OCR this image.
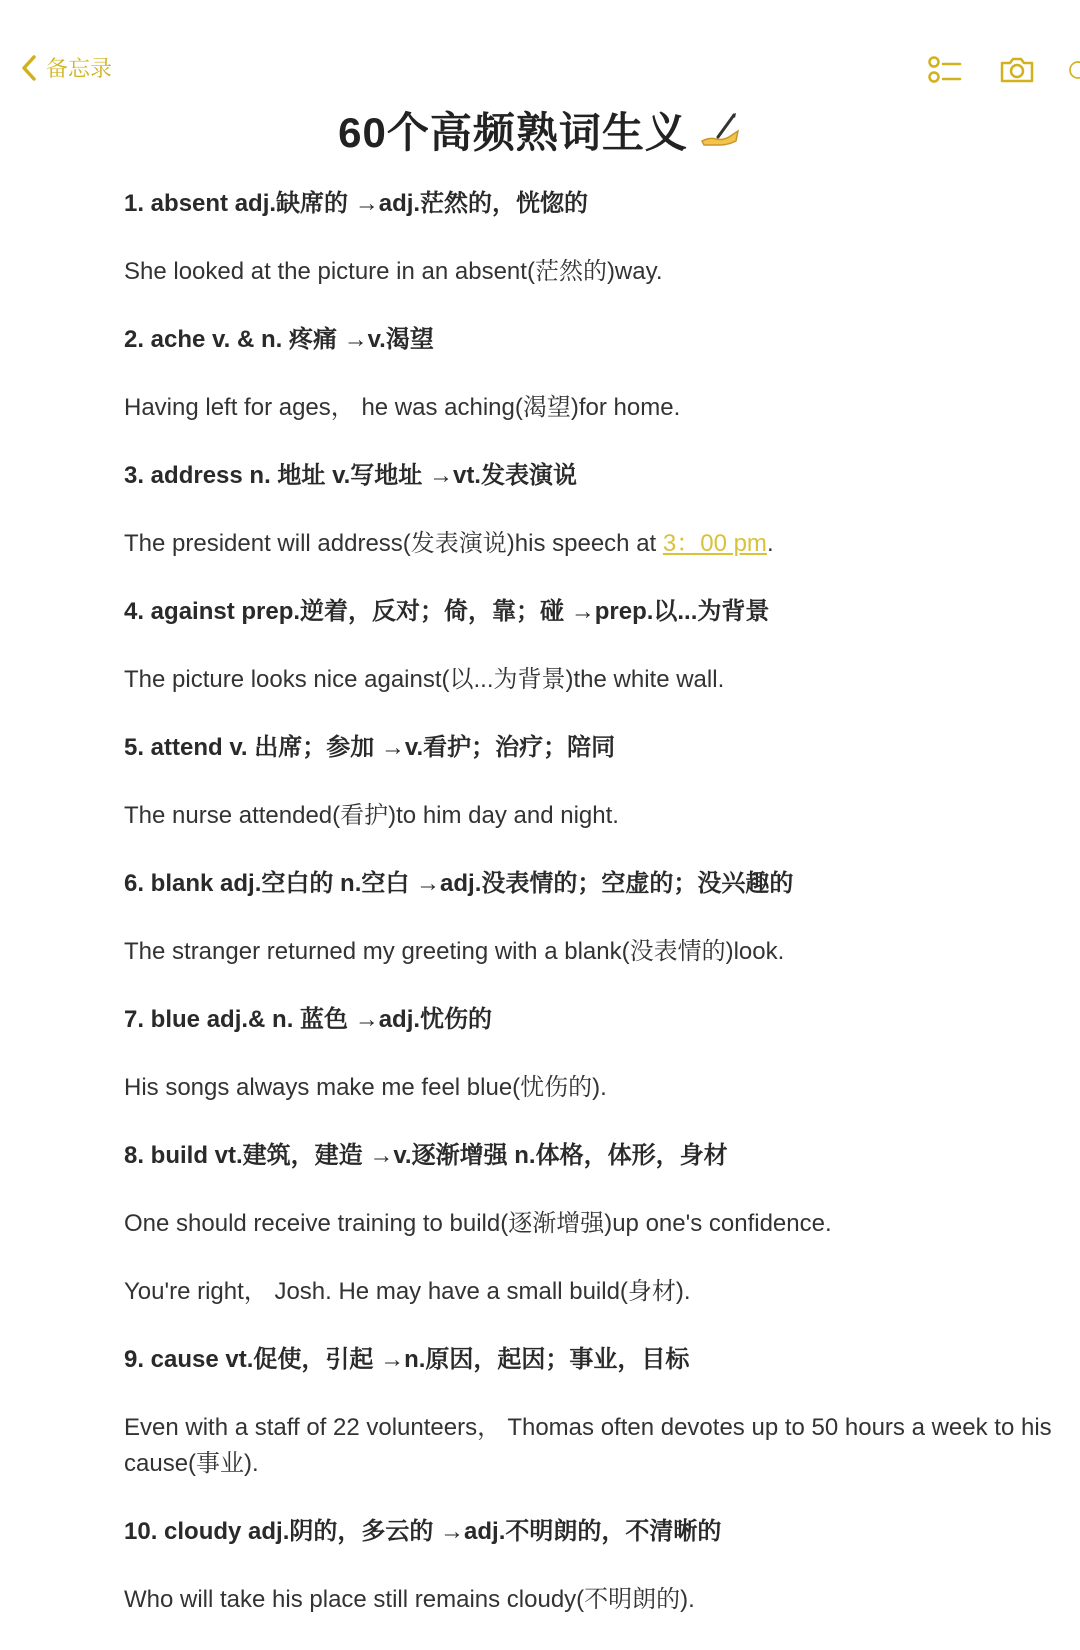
备忘录
60个高频熟词生义

1. absent adj.缺席的 →adj.茫然的，恍惚的

She looked at the picture in an absent(茫然的)way.

2. ache v. & n. 疼痛 →v.渴望

Having left for ages， he was aching(渴望)for home.

3. address n. 地址 v.写地址 →vt.发表演说

The president will address(发表演说)his speech at 3：00 pm.

4. against prep.逆着，反对；倚，靠；碰 →prep.以...为背景

The picture looks nice against(以...为背景)the white wall.

5. attend v. 出席；参加 →v.看护；治疗；陪同

The nurse attended(看护)to him day and night.

6. blank adj.空白的 n.空白 →adj.没表情的；空虚的；没兴趣的

The stranger returned my greeting with a blank(没表情的)look.

7. blue adj.& n. 蓝色 →adj.忧伤的

His songs always make me feel blue(忧伤的).

8. build vt.建筑，建造 →v.逐渐增强 n.体格，体形，身材

One should receive training to build(逐渐增强)up one's confidence.

You're right， Josh. He may have a small build(身材).

9. cause vt.促使，引起 →n.原因，起因；事业，目标

Even with a staff of 22 volunteers， Thomas often devotes up to 50 hours a week to his cause(事业).

10. cloudy adj.阴的，多云的 →adj.不明朗的，不清晰的

Who will take his place still remains cloudy(不明朗的).
